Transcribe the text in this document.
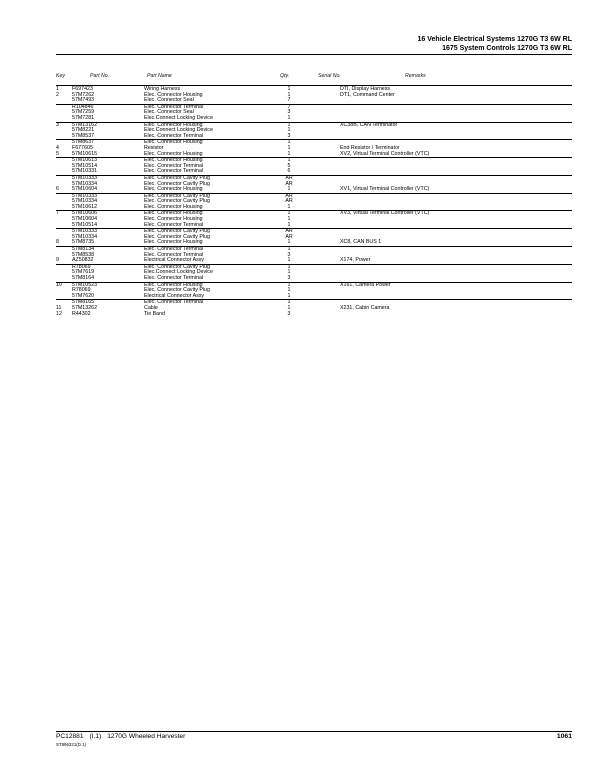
16 Vehicle Electrical Systems 1270G T3 6W RL
1675 System Controls 1270G T3 6W RL
Key	Part No.	Part Name	Qty.	Serial No.	Remarks
1 F697423	Wiring Harness	1	DTI, Display Harness
2 57M7262	Elec. Connector Housing	1	DT1, Command Center
57M7493	Elec. Connector Seal	7
R104846	Elec. Connector Terminal	7
57M7259	Elec. Connector Seal	3
57M7281	Elec.Connect Locking Device	1
3 57M13162	Elec. Connector Housing	1	XC38B, CAN Terminator
57M8221	Elec.Connect Locking Device	1
57M8537	Elec. Connector Terminal	3
57M8637	Elec. Connector Housing	1
4 F677605	Resistor	1	End Resistor / Terminator
5 57M10615	Elec. Connector Housing	1	XV2, Virtual Terminal Controller (VTC)
57M10613	Elec. Connector Housing	1
57M10514	Elec. Connector Terminal	5
57M10331	Elec. Connector Terminal	6
57M10333	Elec. Connector Cavity Plug	AR
57M10334	Elec. Connector Cavity Plug	AR
6 57M10604	Elec. Connector Housing	1	XV1, Virtual Terminal Controller (VTC)
57M10333	Elec. Connector Cavity Plug	AR
57M10334	Elec. Connector Cavity Plug	AR
57M10612	Elec. Connector Housing	1
7 57M10606	Elec. Connector Housing	1	XV3, Virtual Terminal Controller (VTC)
57M10604	Elec. Connector Housing	1
57M10514	Elec. Connector Terminal	1
57M10333	Elec. Connector Cavity Plug	AR
57M10334	Elec. Connector Cavity Plug	AR
8 57M8735	Elec. Connector Housing	1	XC8, CAN BUS 1
57M8134	Elec. Connector Terminal	1
57M8538	Elec. Connector Terminal	3
9 AZ50832	Electrical Connector Assy	1	X174, Power
R78069	Elec. Connector Cavity Plug	1
57M7619	Elec.Connect Locking Device	1
57M8164	Elec. Connector Terminal	3
10 57M10523	Elec. Connector Housing	1	X161, Camera Power
R78069	Elec. Connector Cavity Plug	1
57M7620	Electrical Connector Assy	1
57M8165	Elec. Connector Terminal	1
11 57M13262	Cable	1	X231, Cabin Camera
12 R44302	Tie Band	3
PC12881 (I.1) 1270G Wheeled Harvester
ST896321(D.1)
1061
